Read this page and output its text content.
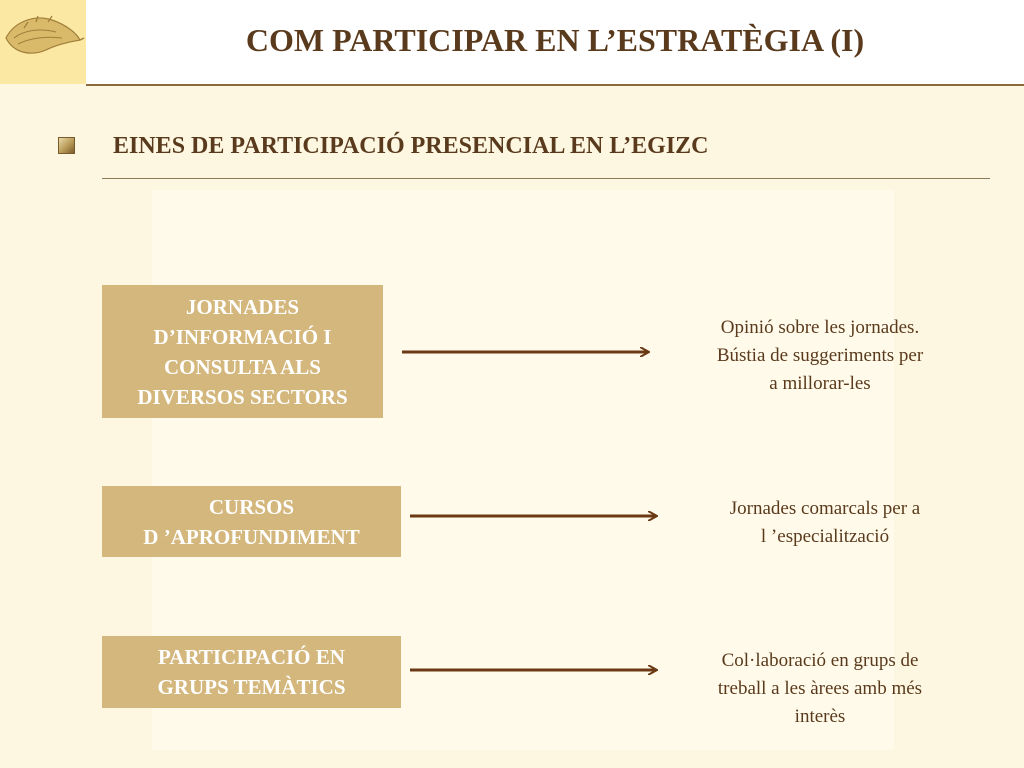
COM PARTICIPAR EN L’ESTRATÈGIA (I)
EINES DE PARTICIPACIÓ PRESENCIAL EN L’EGIZC
JORNADES
D’INFORMACIÓ I
CONSULTA ALS
DIVERSOS SECTORS
CURSOS
D ’APROFUNDIMENT
PARTICIPACIÓ EN
GRUPS TEMÀTICS
Opinió sobre les jornades.
Bústia de suggeriments per
a millorar-les
Jornades comarcals per a
l ’especialització
Col·laboració en grups de
treball a les àrees amb més
interès
